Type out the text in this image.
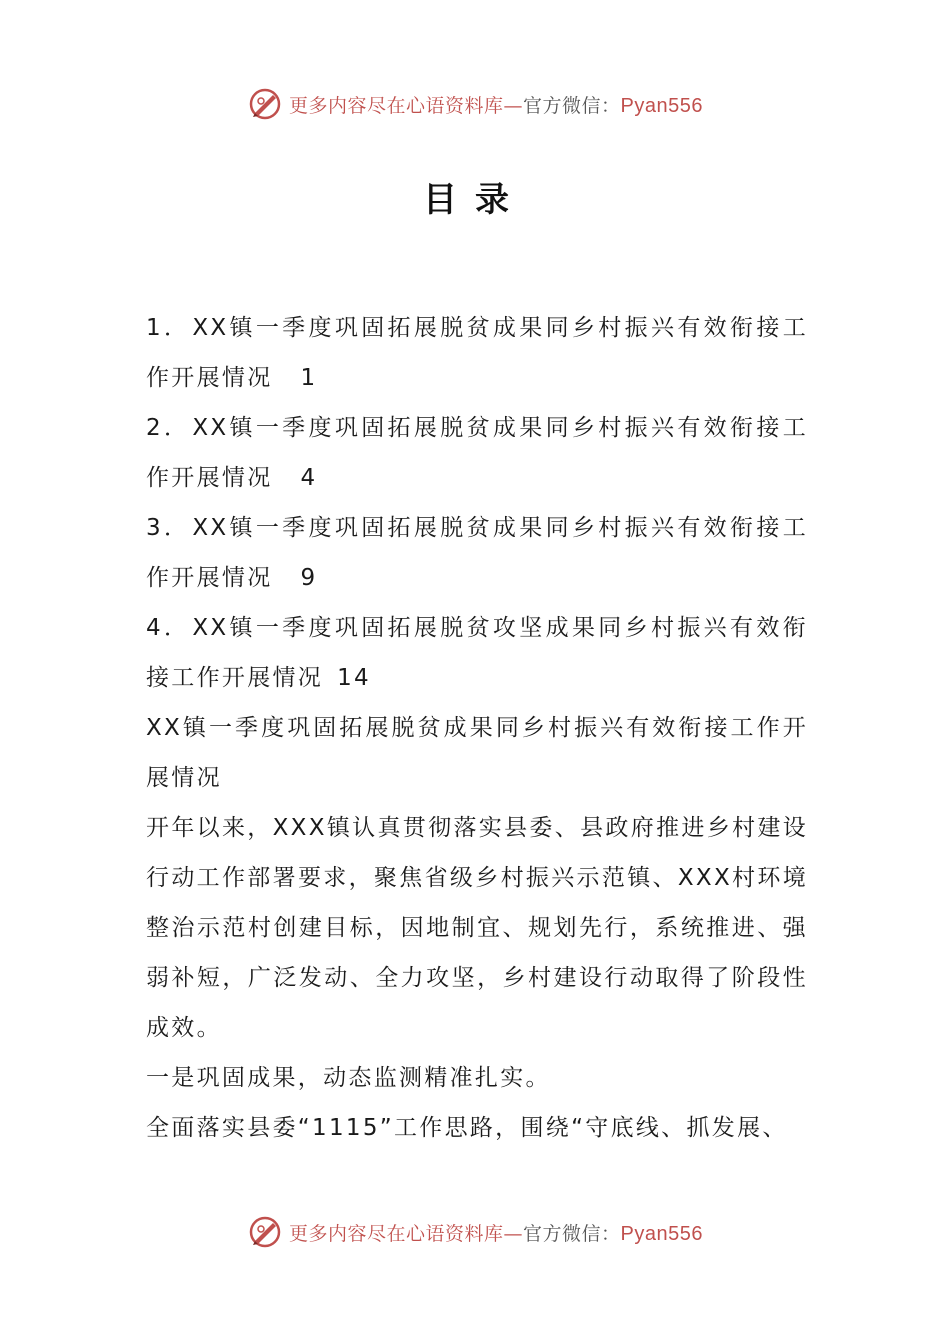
更多内容尽在心语资料库—官方微信：Pyan556
目录
1．XX镇一季度巩固拓展脱贫成果同乡村振兴有效衔接工作开展情况 1
2．XX镇一季度巩固拓展脱贫成果同乡村振兴有效衔接工作开展情况 4
3．XX镇一季度巩固拓展脱贫成果同乡村振兴有效衔接工作开展情况 9
4．XX镇一季度巩固拓展脱贫攻坚成果同乡村振兴有效衔接工作开展情况 14

XX镇一季度巩固拓展脱贫成果同乡村振兴有效衔接工作开展情况

开年以来，XXX镇认真贯彻落实县委、县政府推进乡村建设行动工作部署要求，聚焦省级乡村振兴示范镇、XXX村环境整治示范村创建目标，因地制宜、规划先行，系统推进、强弱补短，广泛发动、全力攻坚，乡村建设行动取得了阶段性成效。

一是巩固成果，动态监测精准扎实。

全面落实县委“1115”工作思路，围绕“守底线、抓发展、

更多内容尽在心语资料库—官方微信：Pyan556
